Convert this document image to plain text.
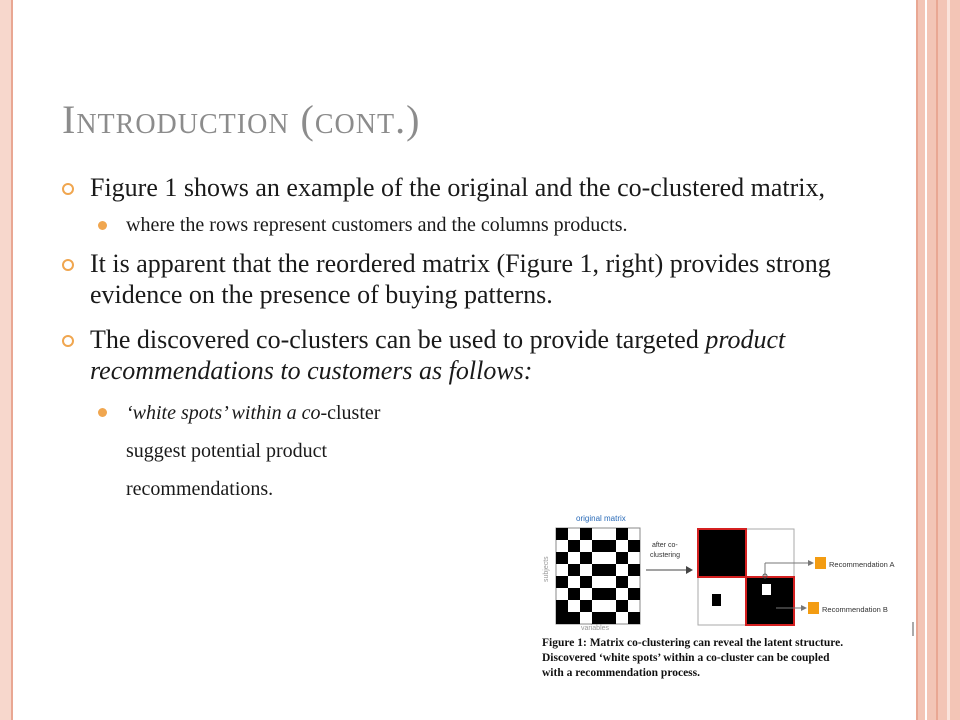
Introduction (cont.)
Figure 1 shows an example of the original and the co-clustered matrix,
where the rows represent customers and the columns products.
It is apparent that the reordered matrix (Figure 1, right) provides strong evidence on the presence of buying patterns.
The discovered co-clusters can be used to provide targeted product recommendations to customers as follows:
‘white spots’ within a co-cluster
suggest potential product
recommendations.
original matrix
subjects
variables
after co-
clustering
Recommendation A
Recommendation B
Figure 1: Matrix co-clustering can reveal the latent structure.
Discovered ‘white spots’ within a co-cluster can be coupled
with a recommendation process.
